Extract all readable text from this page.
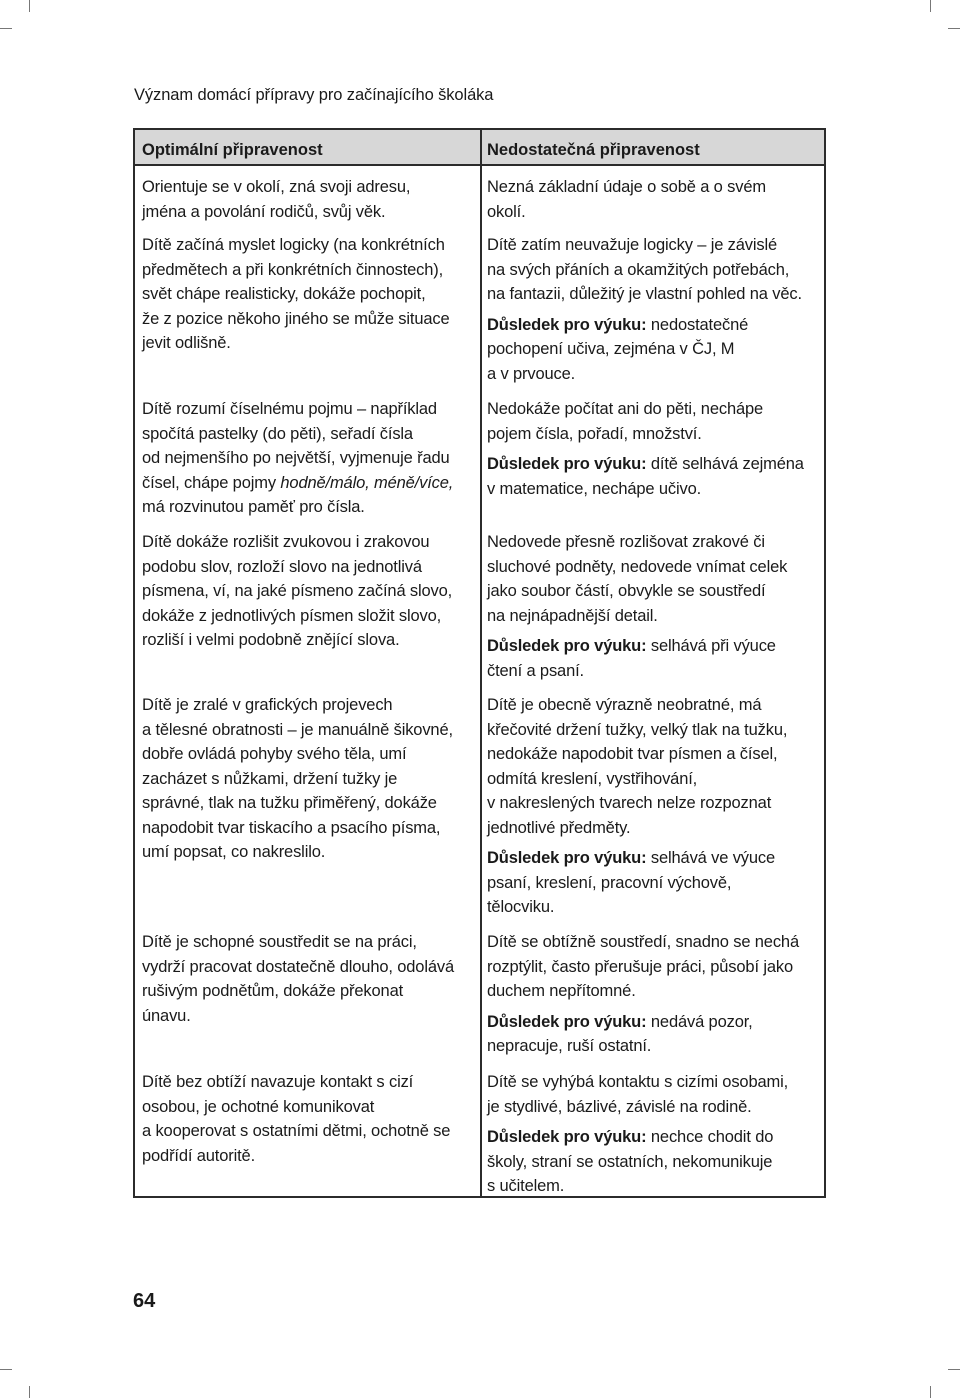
Význam domácí přípravy pro začínajícího školáka
Optimální připravenost	Nedostatečná připravenost

Orientuje se v okolí, zná svoji adresu,

jména a povolání rodičů, svůj věk.

Nezná základní údaje o sobě a o svém

okolí.

Dítě začíná myslet logicky (na konkrétních

předmětech a při konkrétních činnostech),

svět chápe realisticky, dokáže pochopit,

že z pozice někoho jiného se může situace

jevit odlišně.

Dítě zatím neuvažuje logicky – je závislé

na svých přáních a okamžitých potřebách,

na fantazii, důležitý je vlastní pohled na věc.

Důsledek pro výuku: nedostatečné

pochopení učiva, zejména v ČJ, M

a v prvouce.

Dítě rozumí číselnému pojmu – například

spočítá pastelky (do pěti), seřadí čísla

od nejmenšího po největší, vyjmenuje řadu

čísel, chápe pojmy hodně/málo, méně/více,

má rozvinutou paměť pro čísla.

Nedokáže počítat ani do pěti, nechápe

pojem čísla, pořadí, množství.

Důsledek pro výuku: dítě selhává zejména

v matematice, nechápe učivo.

Dítě dokáže rozlišit zvukovou i zrakovou

podobu slov, rozloží slovo na jednotlivá

písmena, ví, na jaké písmeno začíná slovo,

dokáže z jednotlivých písmen složit slovo,

rozliší i velmi podobně znějící slova.

Nedovede přesně rozlišovat zrakové či

sluchové podněty, nedovede vnímat celek

jako soubor částí, obvykle se soustředí

na nejnápadnější detail.

Důsledek pro výuku: selhává při výuce

čtení a psaní.

Dítě je zralé v grafických projevech

a tělesné obratnosti – je manuálně šikovné,

dobře ovládá pohyby svého těla, umí

zacházet s nůžkami, držení tužky je

správné, tlak na tužku přiměřený, dokáže

napodobit tvar tiskacího a psacího písma,

umí popsat, co nakreslilo.

Dítě je obecně výrazně neobratné, má

křečovité držení tužky, velký tlak na tužku,

nedokáže napodobit tvar písmen a čísel,

odmítá kreslení, vystřihování,

v nakreslených tvarech nelze rozpoznat

jednotlivé předměty.

Důsledek pro výuku: selhává ve výuce

psaní, kreslení, pracovní výchově,

tělocviku.

Dítě je schopné soustředit se na práci,

vydrží pracovat dostatečně dlouho, odolává

rušivým podnětům, dokáže překonat

únavu.

Dítě se obtížně soustředí, snadno se nechá

rozptýlit, často přerušuje práci, působí jako

duchem nepřítomné.

Důsledek pro výuku: nedává pozor,

nepracuje, ruší ostatní.

Dítě bez obtíží navazuje kontakt s cizí

osobou, je ochotné komunikovat

a kooperovat s ostatními dětmi, ochotně se

podřídí autoritě.

Dítě se vyhýbá kontaktu s cizími osobami,

je stydlivé, bázlivé, závislé na rodině.

Důsledek pro výuku: nechce chodit do

školy, straní se ostatních, nekomunikuje

s učitelem.

64
